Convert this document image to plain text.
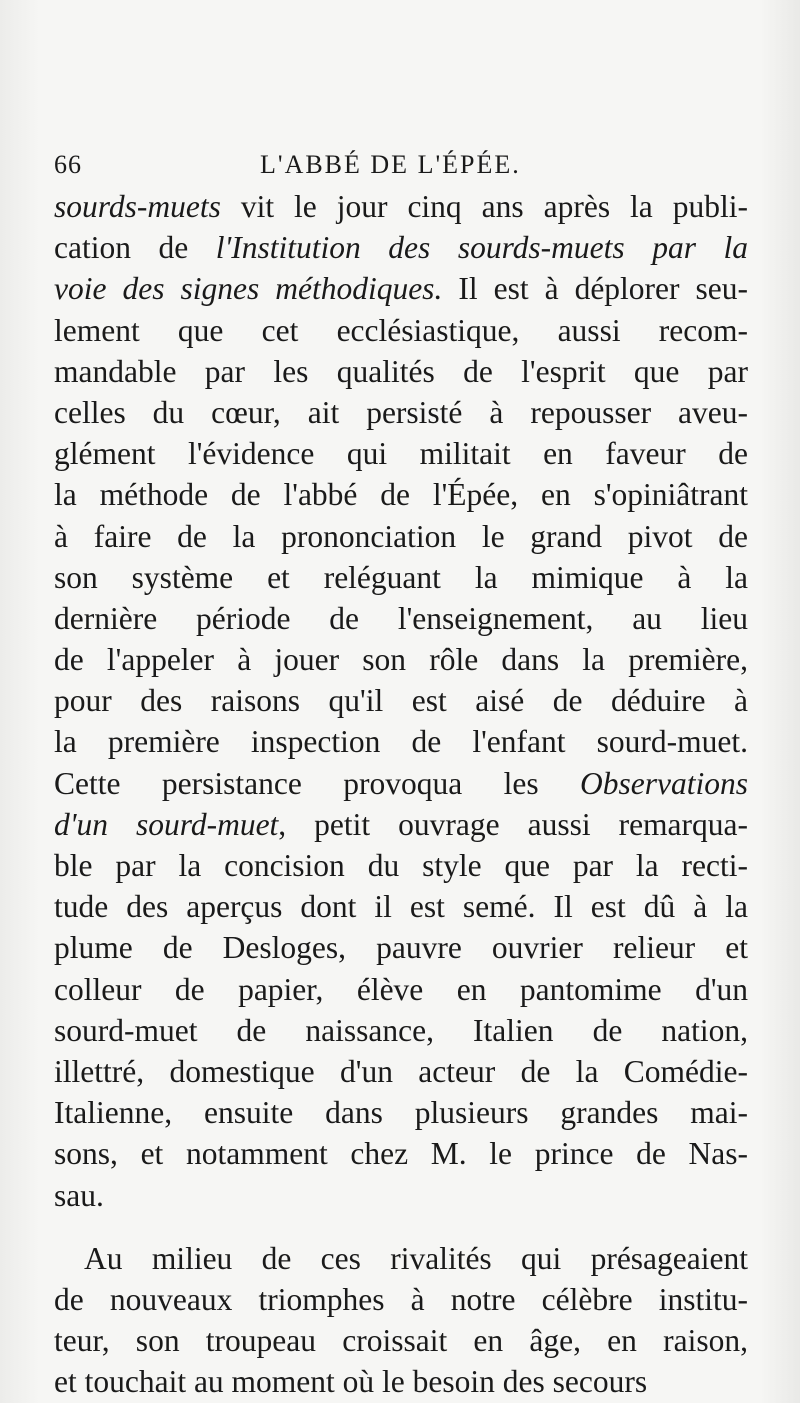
66	L'ABBÉ DE L'ÉPÉE.
sourds-muets vit le jour cinq ans après la publi-
cation de l'Institution des sourds-muets par la
voie des signes méthodiques. Il est à déplorer seu-
lement que cet ecclésiastique, aussi recom-
mandable par les qualités de l'esprit que par
celles du cœur, ait persisté à repousser aveu-
glément l'évidence qui militait en faveur de
la méthode de l'abbé de l'Épée, en s'opiniâtrant
à faire de la prononciation le grand pivot de
son système et reléguant la mimique à la
dernière période de l'enseignement, au lieu
de l'appeler à jouer son rôle dans la première,
pour des raisons qu'il est aisé de déduire à
la première inspection de l'enfant sourd-muet.
Cette persistance provoqua les Observations
d'un sourd-muet, petit ouvrage aussi remarqua-
ble par la concision du style que par la recti-
tude des aperçus dont il est semé. Il est dû à la
plume de Desloges, pauvre ouvrier relieur et
colleur de papier, élève en pantomime d'un
sourd-muet de naissance, Italien de nation,
illettré, domestique d'un acteur de la Comédie-
Italienne, ensuite dans plusieurs grandes mai-
sons, et notamment chez M. le prince de Nas-
sau.
Au milieu de ces rivalités qui présageaient
de nouveaux triomphes à notre célèbre institu-
teur, son troupeau croissait en âge, en raison,
et touchait au moment où le besoin des secours
